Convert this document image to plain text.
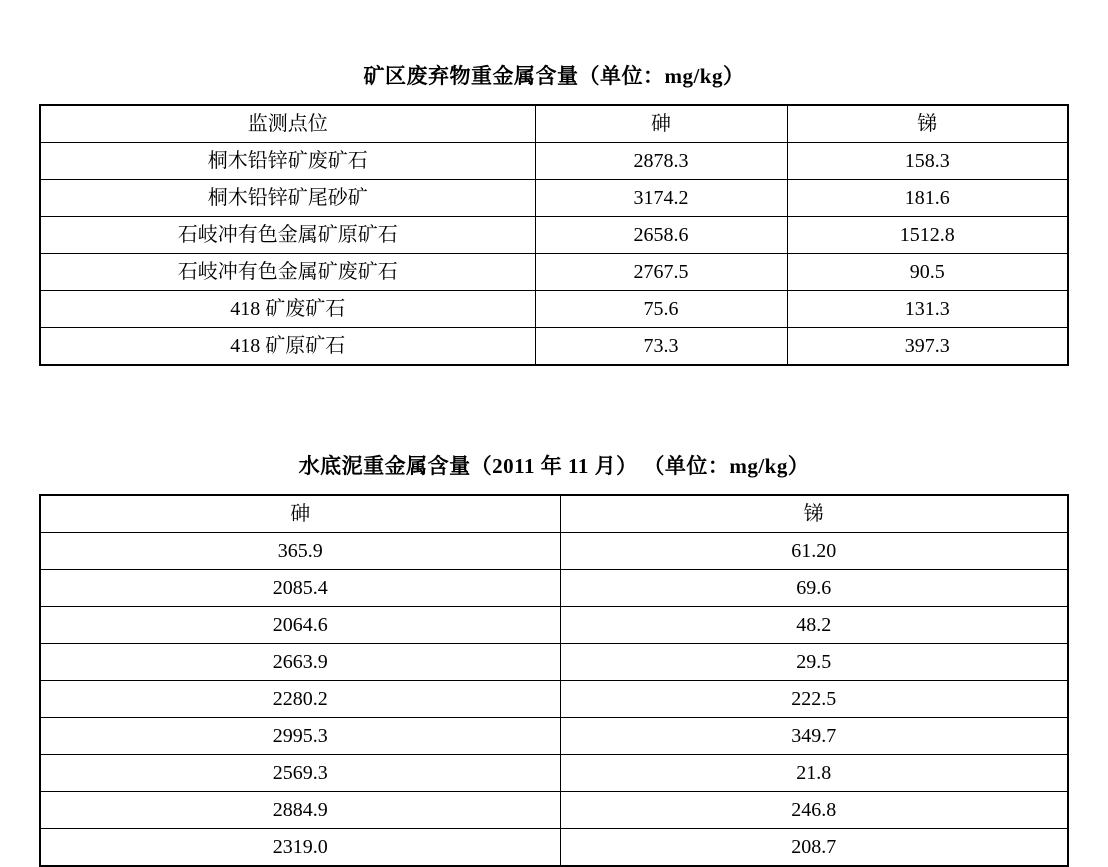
矿区废弃物重金属含量（单位：mg/kg）
监测点位	砷	锑
桐木铅锌矿废矿石	2878.3	158.3
桐木铅锌矿尾砂矿	3174.2	181.6
石岐冲有色金属矿原矿石	2658.6	1512.8
石岐冲有色金属矿废矿石	2767.5	90.5
418 矿废矿石	75.6	131.3
418 矿原矿石	73.3	397.3
水底泥重金属含量（2011 年 11 月） （单位：mg/kg）
砷	锑
365.9	61.20
2085.4	69.6
2064.6	48.2
2663.9	29.5
2280.2	222.5
2995.3	349.7
2569.3	21.8
2884.9	246.8
2319.0	208.7
